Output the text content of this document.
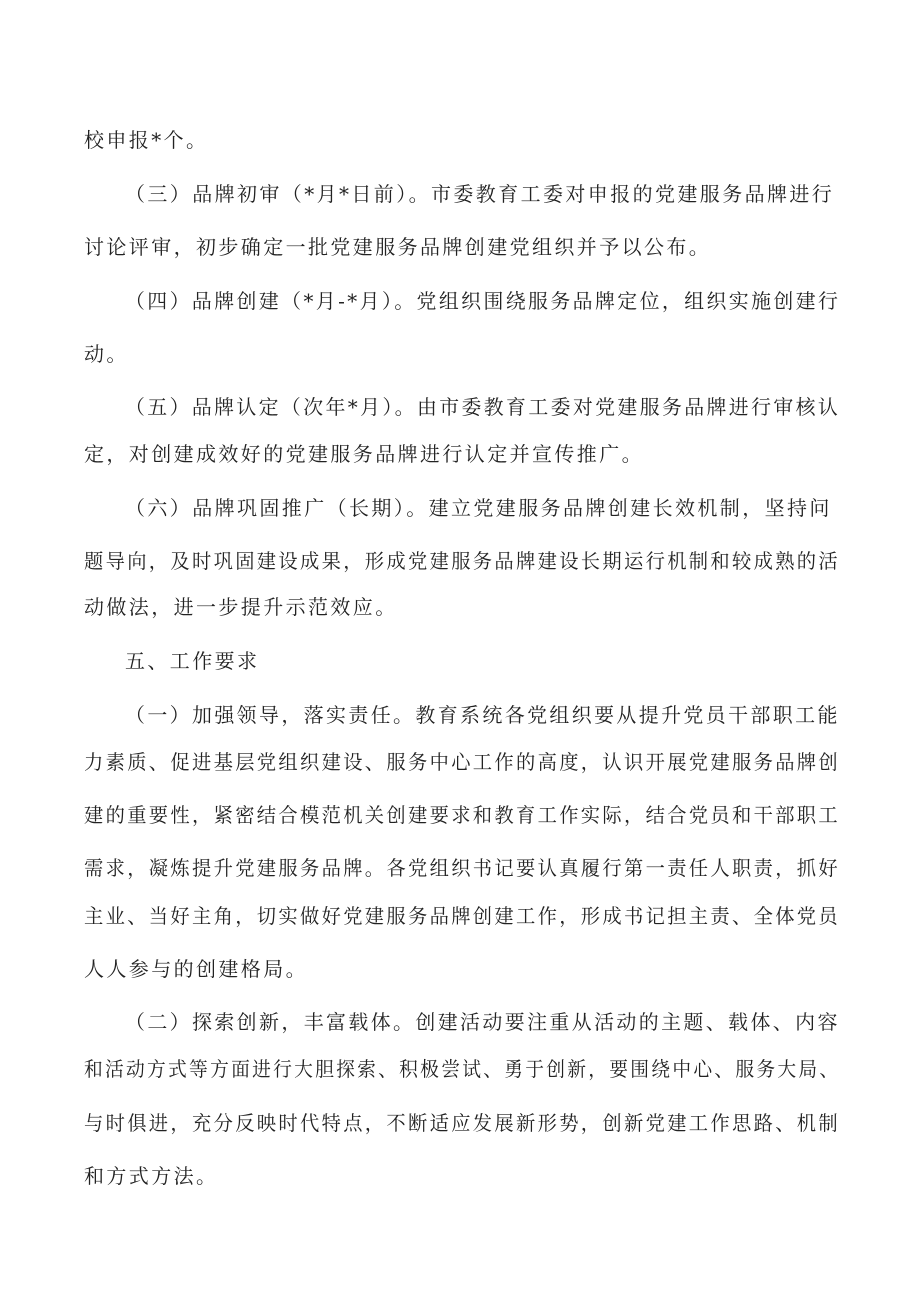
校申报*个。
（三）品牌初审（*月*日前）。市委教育工委对申报的党建服务品牌进行
讨论评审，初步确定一批党建服务品牌创建党组织并予以公布。
（四）品牌创建（*月-*月）。党组织围绕服务品牌定位，组织实施创建行
动。
（五）品牌认定（次年*月）。由市委教育工委对党建服务品牌进行审核认
定，对创建成效好的党建服务品牌进行认定并宣传推广。
（六）品牌巩固推广（长期）。建立党建服务品牌创建长效机制，坚持问
题导向，及时巩固建设成果，形成党建服务品牌建设长期运行机制和较成熟的活
动做法，进一步提升示范效应。
五、工作要求
（一）加强领导，落实责任。教育系统各党组织要从提升党员干部职工能
力素质、促进基层党组织建设、服务中心工作的高度，认识开展党建服务品牌创
建的重要性，紧密结合模范机关创建要求和教育工作实际，结合党员和干部职工
需求，凝炼提升党建服务品牌。各党组织书记要认真履行第一责任人职责，抓好
主业、当好主角，切实做好党建服务品牌创建工作，形成书记担主责、全体党员
人人参与的创建格局。
（二）探索创新，丰富载体。创建活动要注重从活动的主题、载体、内容
和活动方式等方面进行大胆探索、积极尝试、勇于创新，要围绕中心、服务大局、
与时俱进，充分反映时代特点，不断适应发展新形势，创新党建工作思路、机制
和方式方法。
